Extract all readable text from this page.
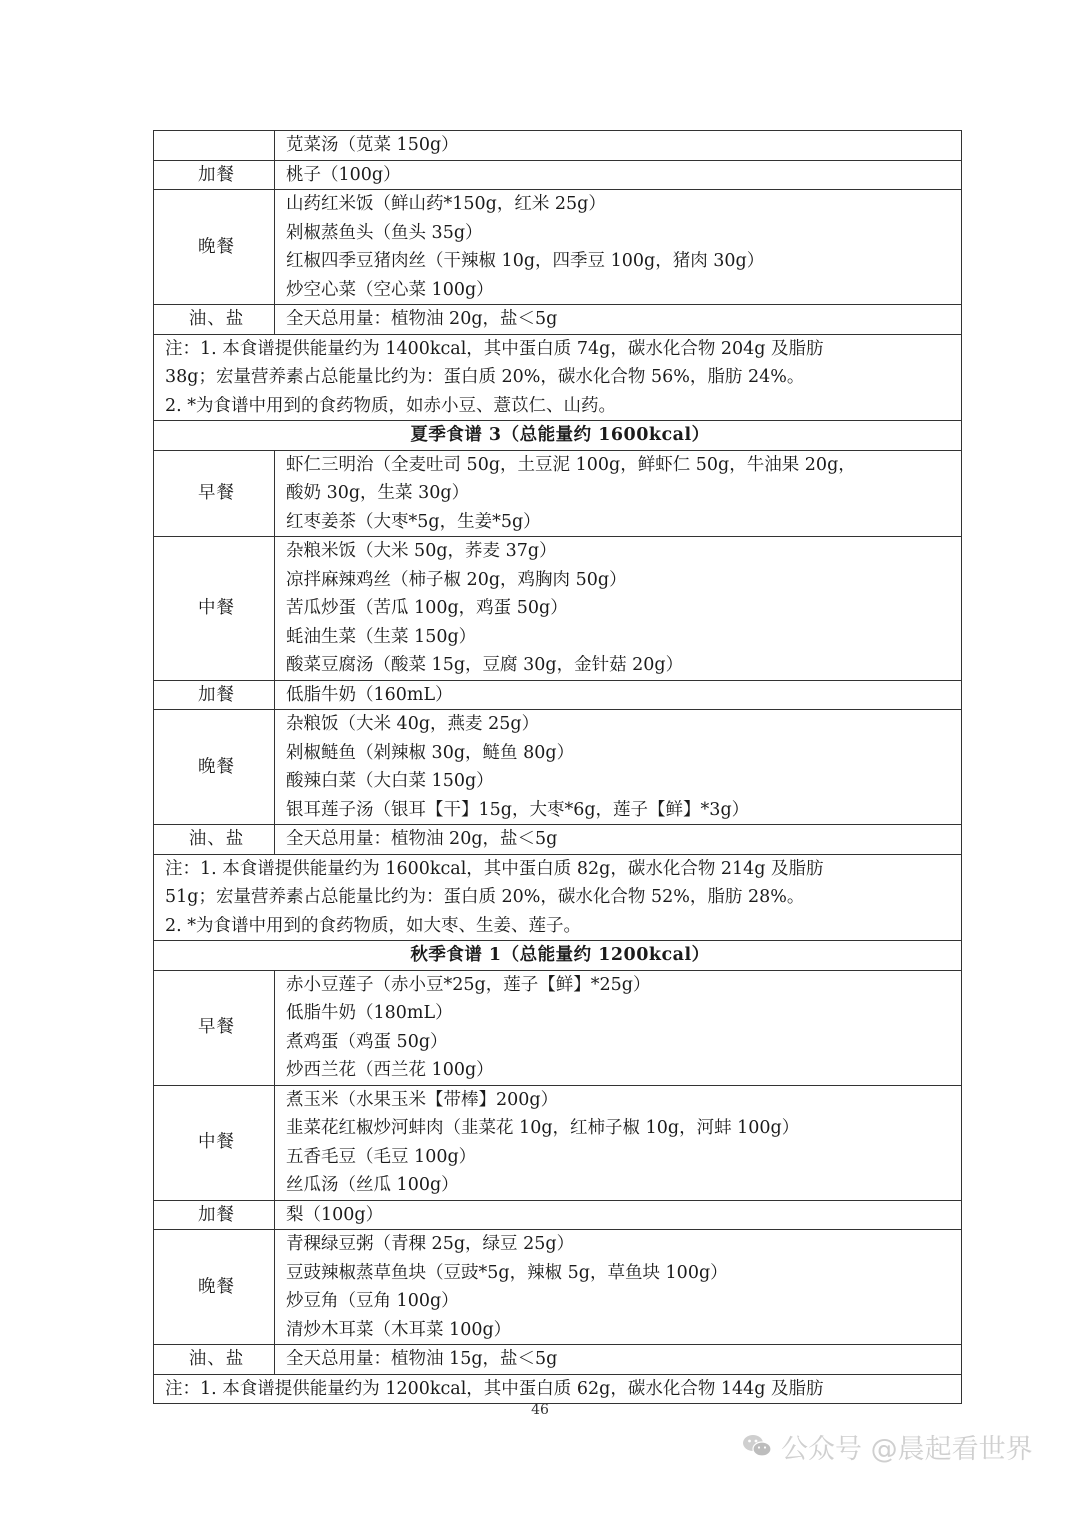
	苋菜汤（苋菜 150g）

加餐	桃子（100g）

晚餐	山药红米饭（鲜山药*150g，红米 25g）
剁椒蒸鱼头（鱼头 35g）
红椒四季豆猪肉丝（干辣椒 10g，四季豆 100g，猪肉 30g）
炒空心菜（空心菜 100g）

油、盐	全天总用量：植物油 20g，盐＜5g

注：1. 本食谱提供能量约为 1400kcal，其中蛋白质 74g，碳水化合物 204g 及脂肪
38g；宏量营养素占总能量比约为：蛋白质 20%，碳水化合物 56%，脂肪 24%。
2. *为食谱中用到的食药物质，如赤小豆、薏苡仁、山药。	

夏季食谱 3（总能量约 1600kcal）	
早餐	虾仁三明治（全麦吐司 50g，土豆泥 100g，鲜虾仁 50g，牛油果 20g，
酸奶 30g，生菜 30g）
红枣姜茶（大枣*5g，生姜*5g）

中餐	杂粮米饭（大米 50g，荞麦 37g）
凉拌麻辣鸡丝（柿子椒 20g，鸡胸肉 50g）
苦瓜炒蛋（苦瓜 100g，鸡蛋 50g）
蚝油生菜（生菜 150g）
酸菜豆腐汤（酸菜 15g，豆腐 30g，金针菇 20g）

加餐	低脂牛奶（160mL）

晚餐	杂粮饭（大米 40g，燕麦 25g）
剁椒鲢鱼（剁辣椒 30g，鲢鱼 80g）
酸辣白菜（大白菜 150g）
银耳莲子汤（银耳【干】15g，大枣*6g，莲子【鲜】*3g）

油、盐	全天总用量：植物油 20g，盐＜5g

注：1. 本食谱提供能量约为 1600kcal，其中蛋白质 82g，碳水化合物 214g 及脂肪
51g；宏量营养素占总能量比约为：蛋白质 20%，碳水化合物 52%，脂肪 28%。
2. *为食谱中用到的食药物质，如大枣、生姜、莲子。	

秋季食谱 1（总能量约 1200kcal）	
早餐	赤小豆莲子（赤小豆*25g，莲子【鲜】*25g）
低脂牛奶（180mL）
煮鸡蛋（鸡蛋 50g）
炒西兰花（西兰花 100g）

中餐	煮玉米（水果玉米【带棒】200g）
韭菜花红椒炒河蚌肉（韭菜花 10g，红柿子椒 10g，河蚌 100g）
五香毛豆（毛豆 100g）
丝瓜汤（丝瓜 100g）

加餐	梨（100g）

晚餐	青稞绿豆粥（青稞 25g，绿豆 25g）
豆豉辣椒蒸草鱼块（豆豉*5g，辣椒 5g，草鱼块 100g）
炒豆角（豆角 100g）
清炒木耳菜（木耳菜 100g）

油、盐	全天总用量：植物油 15g，盐＜5g

注：1. 本食谱提供能量约为 1200kcal，其中蛋白质 62g，碳水化合物 144g 及脂肪	
46
公众号 @晨起看世界
